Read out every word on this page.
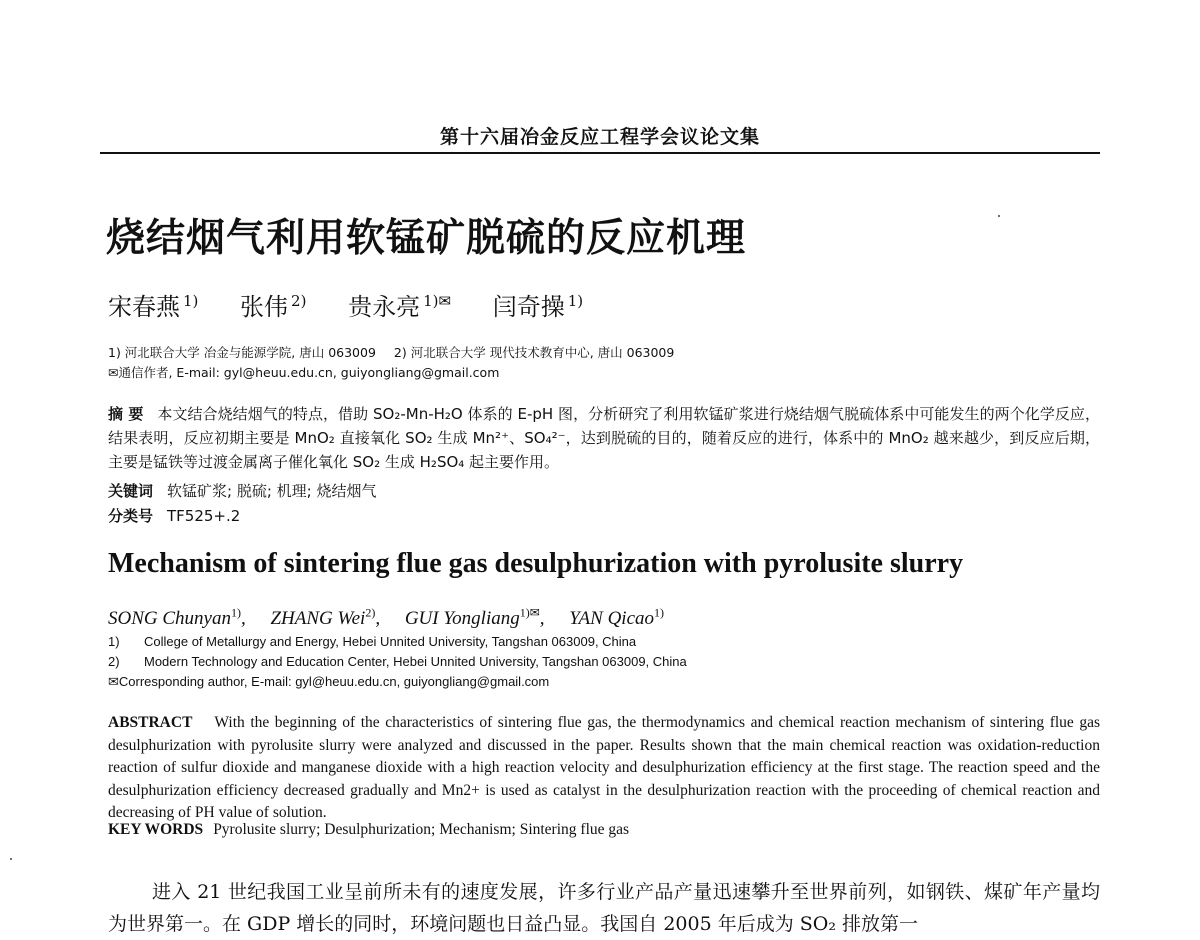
第十六届冶金反应工程学会议论文集
烧结烟气利用软锰矿脱硫的反应机理
宋春燕 $^{1)}$ 张伟 $^{2)}$ 贵永亮 $^{1)✉}$ 闫奇操 $^{1)}$
1) 河北联合大学 冶金与能源学院, 唐山 063009 2) 河北联合大学 现代技术教育中心, 唐山 063009
✉通信作者, E-mail: gyl@heuu.edu.cn, guiyongliang@gmail.com
摘 要 本文结合烧结烟气的特点，借助 SO₂-Mn-H₂O 体系的 E-pH 图，分析研究了利用软锰矿浆进行烧结烟气脱硫体系中可能发生的两个化学反应，结果表明，反应初期主要是 MnO₂ 直接氧化 SO₂ 生成 Mn²⁺、SO₄²⁻，达到脱硫的目的，随着反应的进行，体系中的 MnO₂ 越来越少，到反应后期，主要是锰铁等过渡金属离子催化氧化 SO₂ 生成 H₂SO₄ 起主要作用。
关键词 软锰矿浆; 脱硫; 机理; 烧结烟气
分类号 TF525+.2
Mechanism of sintering flue gas desulphurization with pyrolusite slurry
SONG Chunyan$^{1)}$, ZHANG Wei$^{2)}$, GUI Yongliang$^{1)✉}$, YAN Qicao$^{1)}$
1) College of Metallurgy and Energy, Hebei Unnited University, Tangshan 063009, China
2) Modern Technology and Education Center, Hebei Unnited University, Tangshan 063009, China
✉Corresponding author, E-mail: gyl@heuu.edu.cn, guiyongliang@gmail.com
ABSTRACT With the beginning of the characteristics of sintering flue gas, the thermodynamics and chemical reaction mechanism of sintering flue gas desulphurization with pyrolusite slurry were analyzed and discussed in the paper. Results shown that the main chemical reaction was oxidation-reduction reaction of sulfur dioxide and manganese dioxide with a high reaction velocity and desulphurization efficiency at the first stage. The reaction speed and the desulphurization efficiency decreased gradually and Mn2+ is used as catalyst in the desulphurization reaction with the proceeding of chemical reaction and decreasing of PH value of solution.
KEY WORDS Pyrolusite slurry; Desulphurization; Mechanism; Sintering flue gas
进入 21 世纪我国工业呈前所未有的速度发展，许多行业产品产量迅速攀升至世界前列，如钢铁、煤矿年产量均为世界第一。在 GDP 增长的同时，环境问题也日益凸显。我国自 2005 年后成为 SO₂ 排放第一
